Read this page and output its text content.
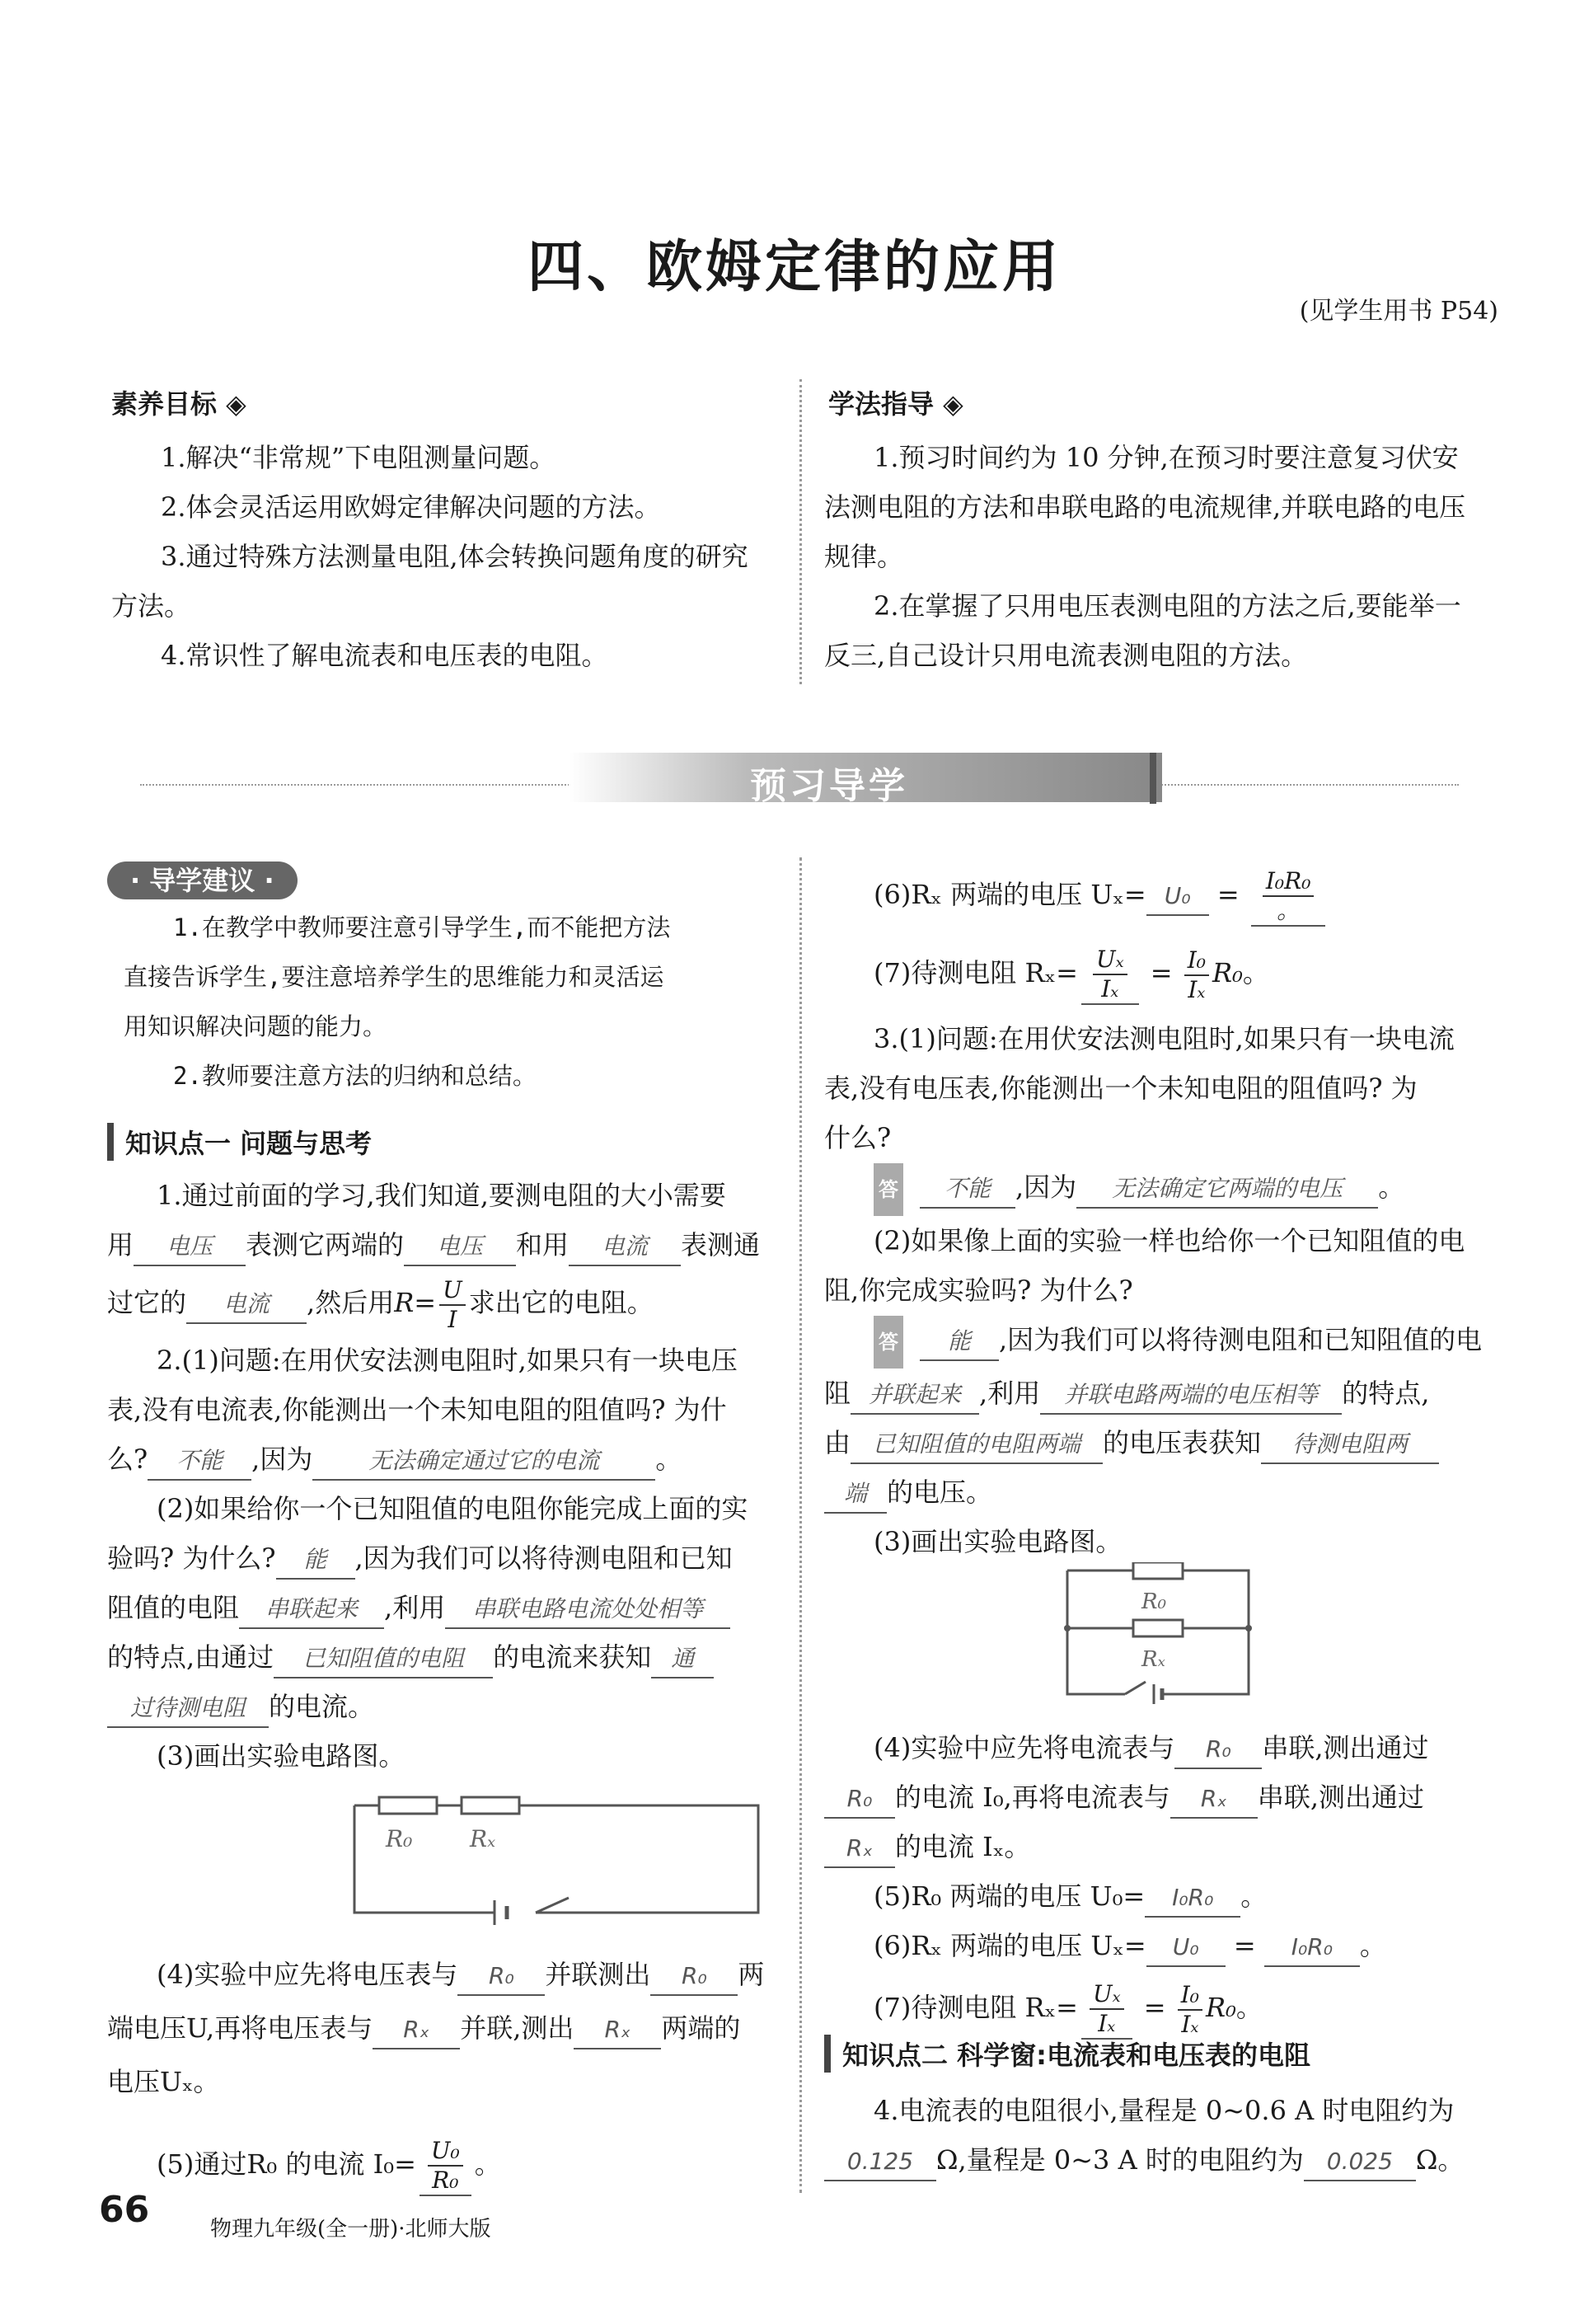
四、欧姆定律的应用
(见学生用书 P54)
素养目标 ◈
1.解决“非常规”下电阻测量问题。
2.体会灵活运用欧姆定律解决问题的方法。
3.通过特殊方法测量电阻,体会转换问题角度的研究
方法。
4.常识性了解电流表和电压表的电阻。
学法指导 ◈
1.预习时间约为 10 分钟,在预习时要注意复习伏安
法测电阻的方法和串联电路的电流规律,并联电路的电压
规律。
2.在掌握了只用电压表测电阻的方法之后,要能举一
反三,自己设计只用电流表测电阻的方法。
预习导学
· 导学建议 ·
1.在教学中教师要注意引导学生,而不能把方法
直接告诉学生,要注意培养学生的思维能力和灵活运
用知识解决问题的能力。
2.教师要注意方法的归纳和总结。
知识点一 问题与思考
1.通过前面的学习,我们知道,要测电阻的大小需要
用 电压 表测它两端的 电压 和用 电流 表测通
过它的 电流 ,然后用$R= \frac{U}{I}$ 求出它的电阻。
2.(1)问题:在用伏安法测电阻时,如果只有一块电压
表,没有电流表,你能测出一个未知电阻的阻值吗? 为什
么? 不能 ,因为 无法确定通过它的电流 。
(2)如果给你一个已知阻值的电阻你能完成上面的实
验吗? 为什么? 能 ,因为我们可以将待测电阻和已知
阻值的电阻 串联起来 ,利用 串联电路电流处处相等
的特点,由通过 已知阻值的电阻 的电流来获知 通
过待测电阻 的电流。
(3)画出实验电路图。
R₀ Rₓ
(4)实验中应先将电压表与 R₀ 并联测出 R₀ 两
端电压U,再将电压表与 Rₓ 并联,测出 Rₓ 两端的
电压Uₓ。
(5)通过R₀ 的电流 $I_0= \frac{\text{U₀}}{\text{R₀}}$ 。
(6)Rₓ 两端的电压 $U_x= U_0 = \frac{\text{I₀R₀}}{。}$
(7)待测电阻 $R_x= \frac{\text{Uₓ}}{\text{Iₓ}} = \frac{\text{I₀}}{\text{Iₓ}} R_0$。
3.(1)问题:在用伏安法测电阻时,如果只有一块电流
表,没有电压表,你能测出一个未知电阻的阻值吗? 为
什么?
答 不能 ,因为 无法确定它两端的电压 。
(2)如果像上面的实验一样也给你一个已知阻值的电
阻,你完成实验吗? 为什么?
答 能 ,因为我们可以将待测电阻和已知阻值的电
阻 并联起来 ,利用 并联电路两端的电压相等 的特点,
由 已知阻值的电阻两端 的电压表获知 待测电阻两
端 的电压。
(3)画出实验电路图。
R₀
Rₓ
(4)实验中应先将电流表与 R₀ 串联,测出通过
R₀ 的电流 I₀,再将电流表与 Rₓ 串联,测出通过
Rₓ 的电流 Iₓ。
(5)R₀ 两端的电压 U₀= I₀R₀ 。
(6)Rₓ 两端的电压 Uₓ= U₀ = I₀R₀ 。
(7)待测电阻 $R_x= \frac{\text{Uₓ}}{\text{Iₓ}} = \frac{\text{I₀}}{\text{Iₓ}} R_0$。
知识点二 科学窗:电流表和电压表的电阻
4.电流表的电阻很小,量程是 0~0.6 A 时电阻约为
0.125 Ω,量程是 0~3 A 时的电阻约为 0.025 Ω。
66	物理九年级(全一册)·北师大版
